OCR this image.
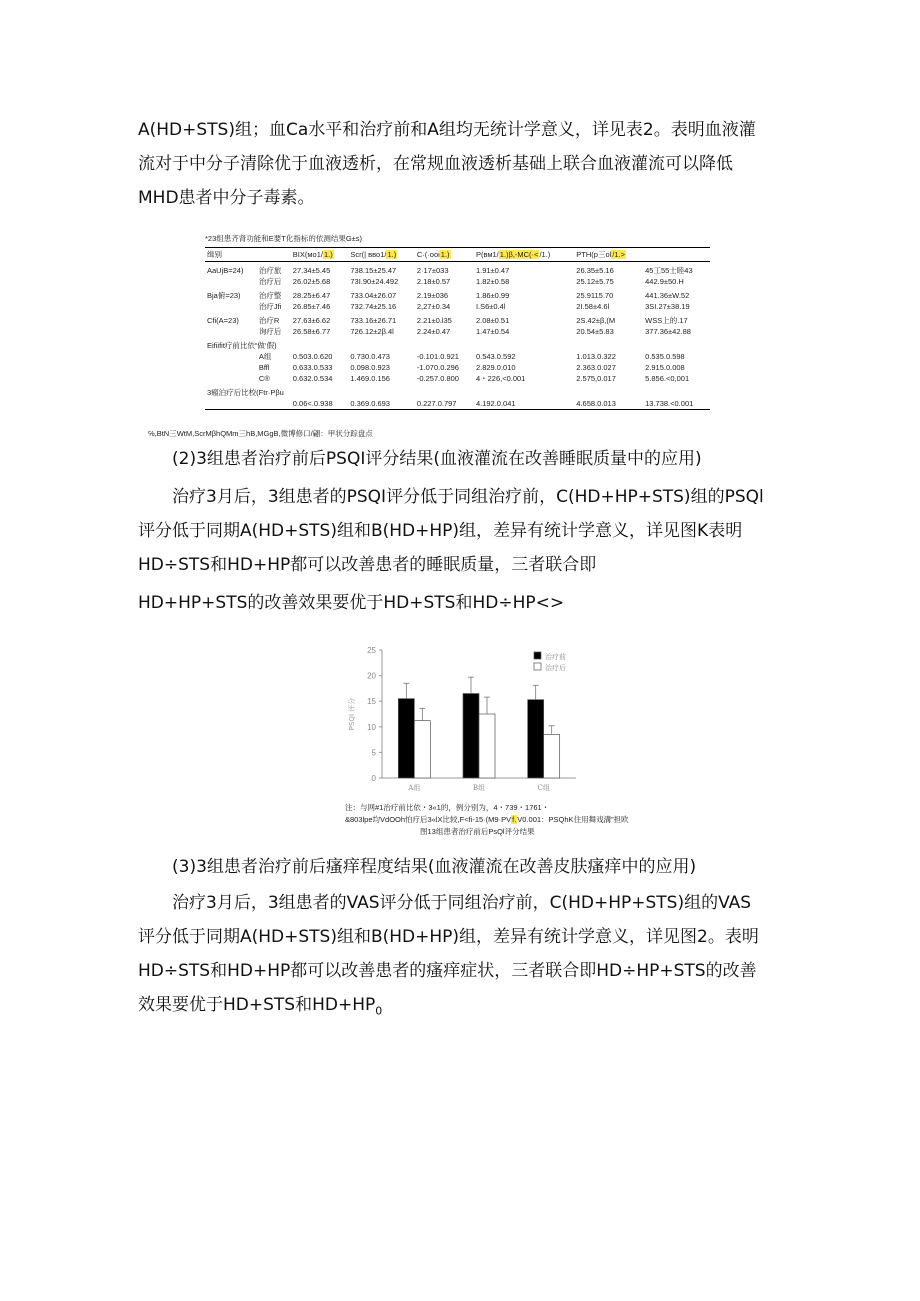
A(HD+STS)组；血Ca水平和治疗前和A组均无统计学意义，详见表2。表明血液灌
流对于中分子清除优于血液透析，在常规血液透析基础上联合血液灌流可以降低
MHD患者中分子毒素。
*23组患齐肾功能和E要T化指标的依测结果G±s)
缉别		BIX(мо1/1.)	Scr(| вво1/1.)	C·(·ooi1.)	P(вм1/1.)β,-MC(·</1.)		PTH(p三ol/1.>	
AaUjB=24)	治疗旅	27.34±5.45	738.15±25.47	2·17±033	1.91±0.47		26.35±5.16	45工55士睦43
	治疗后	26.02±5.68	73I.90±24.492	2.18±0.57	1.82±0.58		25.12±5.75	442.9±50.H
Bja俯=23)	治疗整	28.25±6.47	733.04±26.07	2.19±036	1.86±0.99		25.9115.70	441.36±W.52
	治疗Jfi	26.85±7.46	732.74±25.16	2,27±0.34	I.S6±0.4l		2I.58±4.6l	3SI.27±38.19
Cfi(A=23)	治疗R	27.63±6.62	733.16±26.71	2.21±0.l35	2.08±0.51		2S.42±β,(M	WSS上的.17
	询疗后	26.58±6.77	726.12±2β.4l	2.24±0.47	1.47±0.54		20.54±5.83	377.36±42.88
Eifiifit疗前比依“做‘假)								
	A组	0.503.0.620	0.730.0.473	-0.101.0.921	0.543.0.592		1.013.0.322	0.535.0.598
	Bffl	0.633.0.533	0.098.0.923	-1.070.0.296	2.829.0.010		2.363.0.027	2.915.0.008
	C®	0.632.0.534	1.469.0.156	-0.257.0.800	4・226,<0.001		2.575,0.017	5.856.<0,001
3瘢泊疗后比校(Ftr·Pβu								
		0.06<.0.938	0.369.0.693	0.227.0.797	4.192.0.041		4.658.0.013	13.738.<0.001
℅,BtN三WtM,ScrMβhQMm三hB,MGgB,微博修口/翩：甲状分踪盘点
(2)3组患者治疗前后PSQI评分结果(血液灌流在改善睡眠质量中的应用)
治疗3月后，3组患者的PSQI评分低于同组治疗前，C(HD+HP+STS)组的PSQl
评分低于同期A(HD+STS)组和B(HD+HP)组，差异有统计学意义，详见图K表明
HD÷STS和HD+HP都可以改善患者的睡眠质量，三者联合即
HD+HP+STS的改善效果要优于HD+STS和HD÷HP<>
0
5
10
15
20
25
PSQI 评分
A组	B组	C组
治疗前
治疗后
注：与网#1治疗前比依・3«1的，例分别为，4・739・1761・
&803lpe均VdOOh怕疗后3«lX比较,F<fi-15·(M9·PVf.V0.001：PSQhK住用舞戏溝”担欧
图13组患者治疗前后PsQl评分结果
(3)3组患者治疗前后瘙痒程度结果(血液灌流在改善皮肤瘙痒中的应用)
治疗3月后，3组患者的VAS评分低于同组治疗前，C(HD+HP+STS)组的VAS
评分低于同期A(HD+STS)组和B(HD+HP)组，差异有统计学意义，详见图2。表明
HD÷STS和HD+HP都可以改善患者的瘙痒症状，三者联合即HD÷HP+STS的改善
效果要优于HD+STS和$HD+HP_0$
